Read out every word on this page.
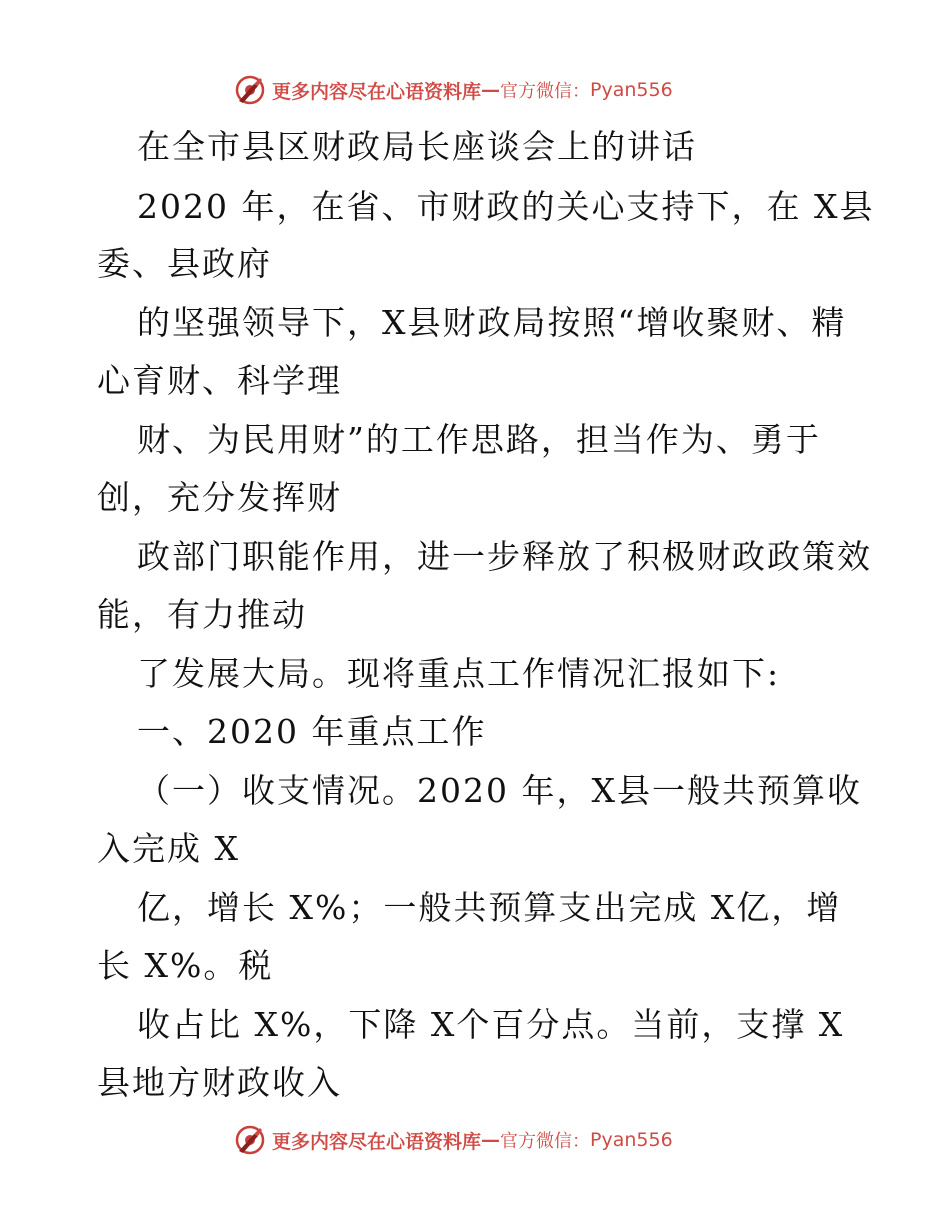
更多内容尽在心语资料库 — 官方微信： Pyan556
在全市县区财政局长座谈会上的讲话
2020 年，在省、市财政的关心支持下，在 X县
委、县政府
的坚强领导下，X县财政局按照“增收聚财、精
心育财、科学理
财、为民用财”的工作思路，担当作为、勇于
创，充分发挥财
政部门职能作用，进一步释放了积极财政政策效
能，有力推动
了发展大局。现将重点工作情况汇报如下:
一、2020 年重点工作
（一）收支情况。2020 年，X县一般共预算收
入完成 X
亿，增长 X%；一般共预算支出完成 X亿，增
长 X%。税
收占比 X%，下降 X个百分点。当前，支撑 X
县地方财政收入
更多内容尽在心语资料库 — 官方微信： Pyan556
